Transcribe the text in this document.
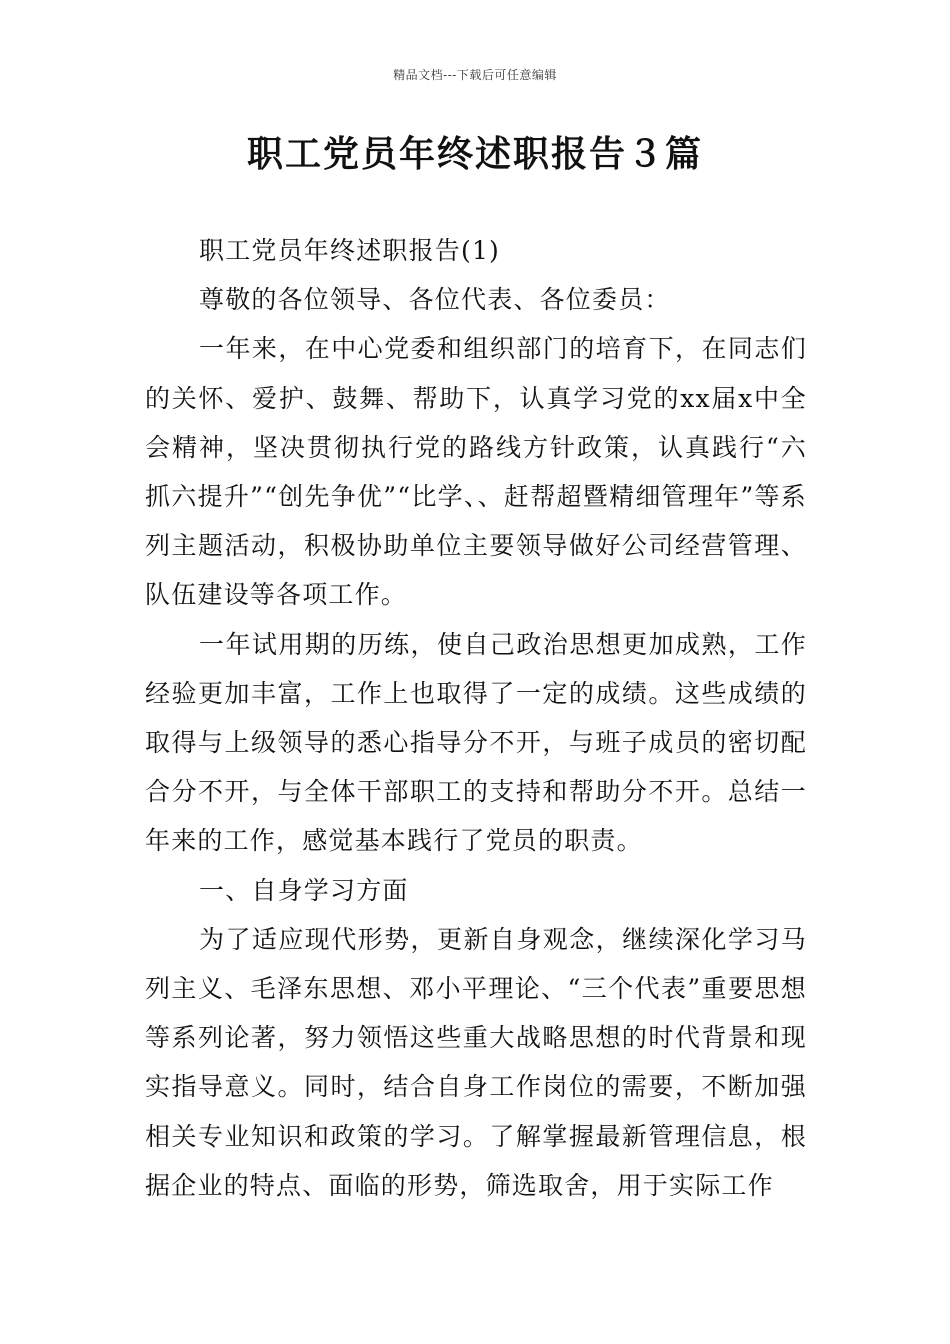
精品文档---下载后可任意编辑
职工党员年终述职报告３篇

职工党员年终述职报告(1)

尊敬的各位领导、各位代表、各位委员：

一年来，在中心党委和组织部门的培育下，在同志们的关怀、爱护、鼓舞、帮助下，认真学习党的xx届x中全会精神，坚决贯彻执行党的路线方针政策，认真践行“六抓六提升”“创先争优”“比学、、赶帮超暨精细管理年”等系列主题活动，积极协助单位主要领导做好公司经营管理、队伍建设等各项工作。

一年试用期的历练，使自己政治思想更加成熟，工作经验更加丰富，工作上也取得了一定的成绩。这些成绩的取得与上级领导的悉心指导分不开，与班子成员的密切配合分不开，与全体干部职工的支持和帮助分不开。总结一年来的工作，感觉基本践行了党员的职责。

一、自身学习方面

为了适应现代形势，更新自身观念，继续深化学习马列主义、毛泽东思想、邓小平理论、“三个代表”重要思想等系列论著，努力领悟这些重大战略思想的时代背景和现实指导意义。同时，结合自身工作岗位的需要，不断加强相关专业知识和政策的学习。了解掌握最新管理信息，根据企业的特点、面临的形势，筛选取舍，用于实际工作
